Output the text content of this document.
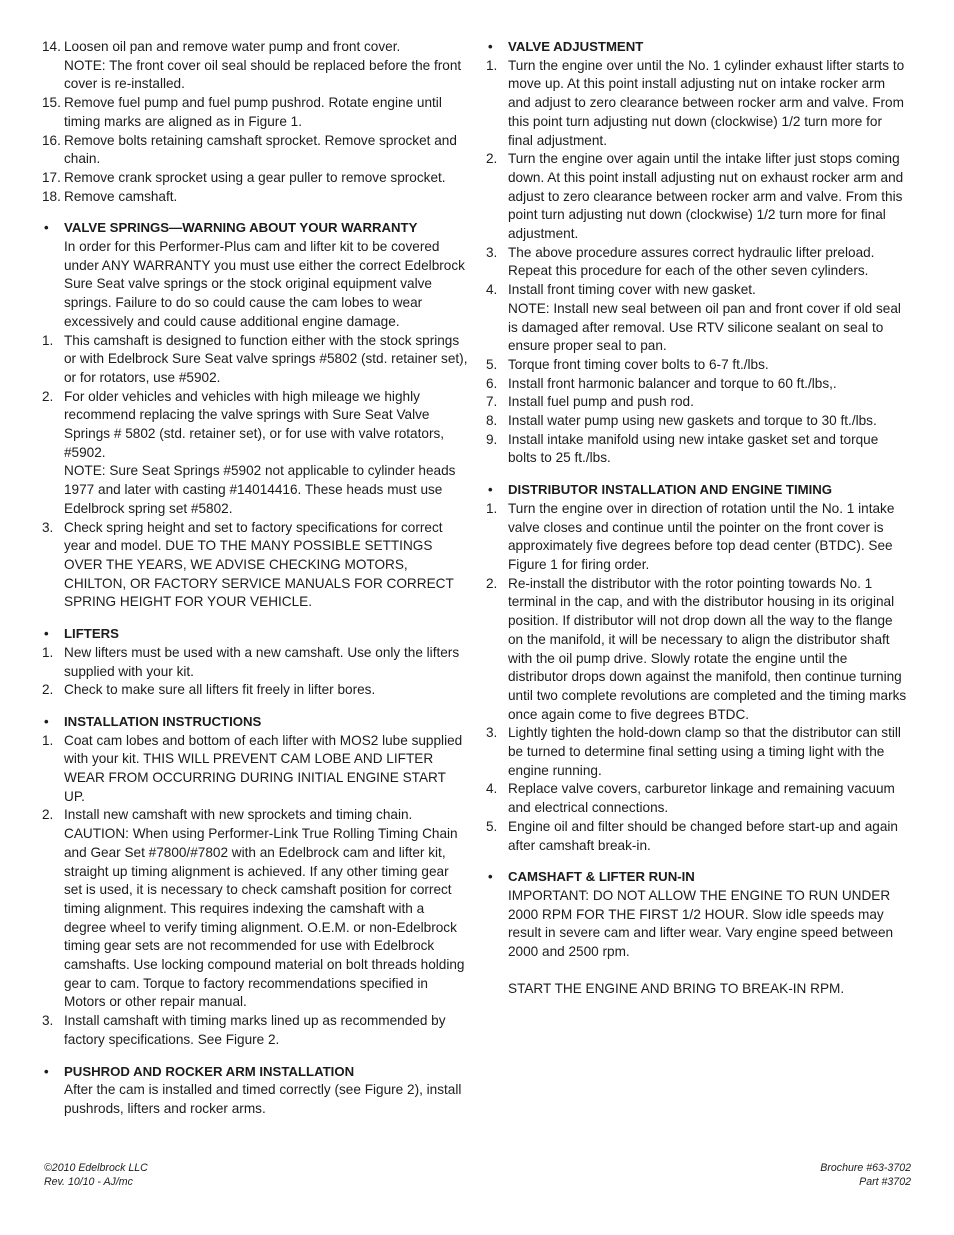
14. Loosen oil pan and remove water pump and front cover.
NOTE: The front cover oil seal should be replaced before the front cover is re-installed.
15. Remove fuel pump and fuel pump pushrod. Rotate engine until timing marks are aligned as in Figure 1.
16. Remove bolts retaining camshaft sprocket. Remove sprocket and chain.
17. Remove crank sprocket using a gear puller to remove sprocket.
18. Remove camshaft.
• VALVE SPRINGS—WARNING ABOUT YOUR WARRANTY
In order for this Performer-Plus cam and lifter kit to be covered under ANY WARRANTY you must use either the correct Edelbrock Sure Seat valve springs or the stock original equipment valve springs. Failure to do so could cause the cam lobes to wear excessively and could cause additional engine damage.
1. This camshaft is designed to function either with the stock springs or with Edelbrock Sure Seat valve springs #5802 (std. retainer set), or for rotators, use #5902.
2. For older vehicles and vehicles with high mileage we highly recommend replacing the valve springs with Sure Seat Valve Springs # 5802 (std. retainer set), or for use with valve rotators, #5902.
NOTE: Sure Seat Springs #5902 not applicable to cylinder heads 1977 and later with casting #14014416. These heads must use Edelbrock spring set #5802.
3. Check spring height and set to factory specifications for correct year and model. DUE TO THE MANY POSSIBLE SETTINGS OVER THE YEARS, WE ADVISE CHECKING MOTORS, CHILTON, OR FACTORY SERVICE MANUALS FOR CORRECT SPRING HEIGHT FOR YOUR VEHICLE.
• LIFTERS
1. New lifters must be used with a new camshaft. Use only the lifters supplied with your kit.
2. Check to make sure all lifters fit freely in lifter bores.
• INSTALLATION INSTRUCTIONS
1. Coat cam lobes and bottom of each lifter with MOS2 lube supplied with your kit. THIS WILL PREVENT CAM LOBE AND LIFTER WEAR FROM OCCURRING DURING INITIAL ENGINE START UP.
2. Install new camshaft with new sprockets and timing chain.
CAUTION: When using Performer-Link True Rolling Timing Chain and Gear Set #7800/#7802 with an Edelbrock cam and lifter kit, straight up timing alignment is achieved. If any other timing gear set is used, it is necessary to check camshaft position for correct timing alignment. This requires indexing the camshaft with a degree wheel to verify timing alignment. O.E.M. or non-Edelbrock timing gear sets are not recommended for use with Edelbrock camshafts. Use locking compound material on bolt threads holding gear to cam. Torque to factory recommendations specified in Motors or other repair manual.
3. Install camshaft with timing marks lined up as recommended by factory specifications. See Figure 2.
• PUSHROD AND ROCKER ARM INSTALLATION
After the cam is installed and timed correctly (see Figure 2), install pushrods, lifters and rocker arms.
• VALVE ADJUSTMENT
1. Turn the engine over until the No. 1 cylinder exhaust lifter starts to move up. At this point install adjusting nut on intake rocker arm and adjust to zero clearance between rocker arm and valve. From this point turn adjusting nut down (clockwise) 1/2 turn more for final adjustment.
2. Turn the engine over again until the intake lifter just stops coming down. At this point install adjusting nut on exhaust rocker arm and adjust to zero clearance between rocker arm and valve. From this point turn adjusting nut down (clockwise) 1/2 turn more for final adjustment.
3. The above procedure assures correct hydraulic lifter preload. Repeat this procedure for each of the other seven cylinders.
4. Install front timing cover with new gasket.
NOTE: Install new seal between oil pan and front cover if old seal is damaged after removal. Use RTV silicone sealant on seal to ensure proper seal to pan.
5. Torque front timing cover bolts to 6-7 ft./lbs.
6. Install front harmonic balancer and torque to 60 ft./lbs,.
7. Install fuel pump and push rod.
8. Install water pump using new gaskets and torque to 30 ft./lbs.
9. Install intake manifold using new intake gasket set and torque bolts to 25 ft./lbs.
• DISTRIBUTOR INSTALLATION AND ENGINE TIMING
1. Turn the engine over in direction of rotation until the No. 1 intake valve closes and continue until the pointer on the front cover is approximately five degrees before top dead center (BTDC). See Figure 1 for firing order.
2. Re-install the distributor with the rotor pointing towards No. 1 terminal in the cap, and with the distributor housing in its original position. If distributor will not drop down all the way to the flange on the manifold, it will be necessary to align the distributor shaft with the oil pump drive. Slowly rotate the engine until the distributor drops down against the manifold, then continue turning until two complete revolutions are completed and the timing marks once again come to five degrees BTDC.
3. Lightly tighten the hold-down clamp so that the distributor can still be turned to determine final setting using a timing light with the engine running.
4. Replace valve covers, carburetor linkage and remaining vacuum and electrical connections.
5. Engine oil and filter should be changed before start-up and again after camshaft break-in.
• CAMSHAFT & LIFTER RUN-IN
IMPORTANT: DO NOT ALLOW THE ENGINE TO RUN UNDER 2000 RPM FOR THE FIRST 1/2 HOUR. Slow idle speeds may result in severe cam and lifter wear. Vary engine speed between 2000 and 2500 rpm.
START THE ENGINE AND BRING TO BREAK-IN RPM.
©2010 Edelbrock LLC
Rev. 10/10 - AJ/mc
Brochure #63-3702
Part #3702
